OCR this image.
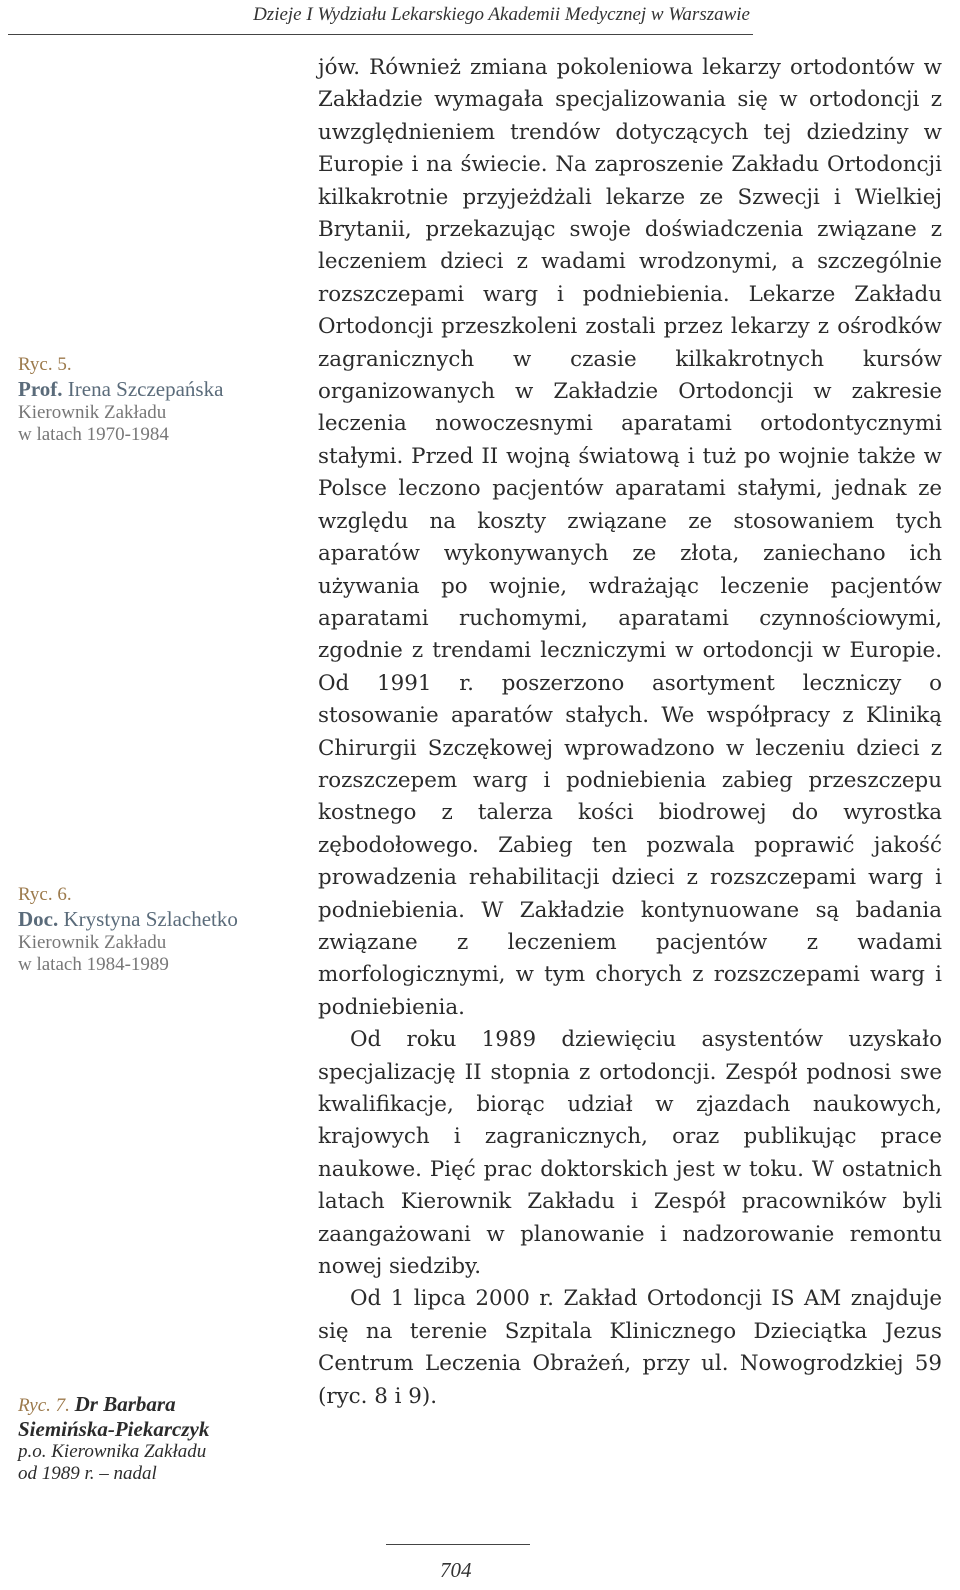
Dzieje I Wydziału Lekarskiego Akademii Medycznej w Warszawie
Ryc. 5.
Prof. Irena Szczepańska
Kierownik Zakładu
w latach 1970-1984
Ryc. 6.
Doc. Krystyna Szlachetko
Kierownik Zakładu
w latach 1984-1989
Ryc. 7. Dr Barbara
Siemińska-Piekarczyk
p.o. Kierownika Zakładu
od 1989 r. – nadal

jów. Również zmiana pokoleniowa lekarzy ortodontów w Zakładzie wymagała specjalizowania się w ortodoncji z uwzględnieniem trendów dotyczących tej dziedziny w Europie i na świecie. Na zaproszenie Zakładu Ortodoncji kilkakrotnie przyjeżdżali lekarze ze Szwecji i Wielkiej Brytanii, przekazując swoje doświadczenia związane z leczeniem dzieci z wadami wrodzonymi, a szczególnie rozszczepami warg i podniebienia. Lekarze Zakładu Ortodoncji przeszkoleni zostali przez lekarzy z ośrodków zagranicznych w czasie kilkakrotnych kursów organizowanych w Zakładzie Ortodoncji w zakresie leczenia nowoczesnymi aparatami ortodontycznymi stałymi. Przed II wojną światową i tuż po wojnie także w Polsce leczono pacjentów aparatami stałymi, jednak ze względu na koszty związane ze stosowaniem tych aparatów wykonywanych ze złota, zaniechano ich używania po wojnie, wdrażając leczenie pacjentów aparatami ruchomymi, aparatami czynnościowymi, zgodnie z trendami leczniczymi w ortodoncji w Europie. Od 1991 r. poszerzono asortyment leczniczy o stosowanie aparatów stałych. We współpracy z Kliniką Chirurgii Szczękowej wprowadzono w leczeniu dzieci z rozszczepem warg i podniebienia zabieg przeszczepu kostnego z talerza kości biodrowej do wyrostka zębodołowego. Zabieg ten pozwala poprawić jakość prowadzenia rehabilitacji dzieci z rozszczepami warg i podniebienia. W Zakładzie kontynuowane są badania związane z leczeniem pacjentów z wadami morfologicznymi, w tym chorych z rozszczepami warg i podniebienia.

Od roku 1989 dziewięciu asystentów uzyskało specjalizację II stopnia z ortodoncji. Zespół podnosi swe kwalifikacje, biorąc udział w zjazdach naukowych, krajowych i zagranicznych, oraz publikując prace naukowe. Pięć prac doktorskich jest w toku. W ostatnich latach Kierownik Zakładu i Zespół pracowników byli zaangażowani w planowanie i nadzorowanie remontu nowej siedziby.

Od 1 lipca 2000 r. Zakład Ortodoncji IS AM znajduje się na terenie Szpitala Klinicznego Dzieciątka Jezus Centrum Leczenia Obrażeń, przy ul. Nowogrodzkiej 59 (ryc. 8 i 9).

704
